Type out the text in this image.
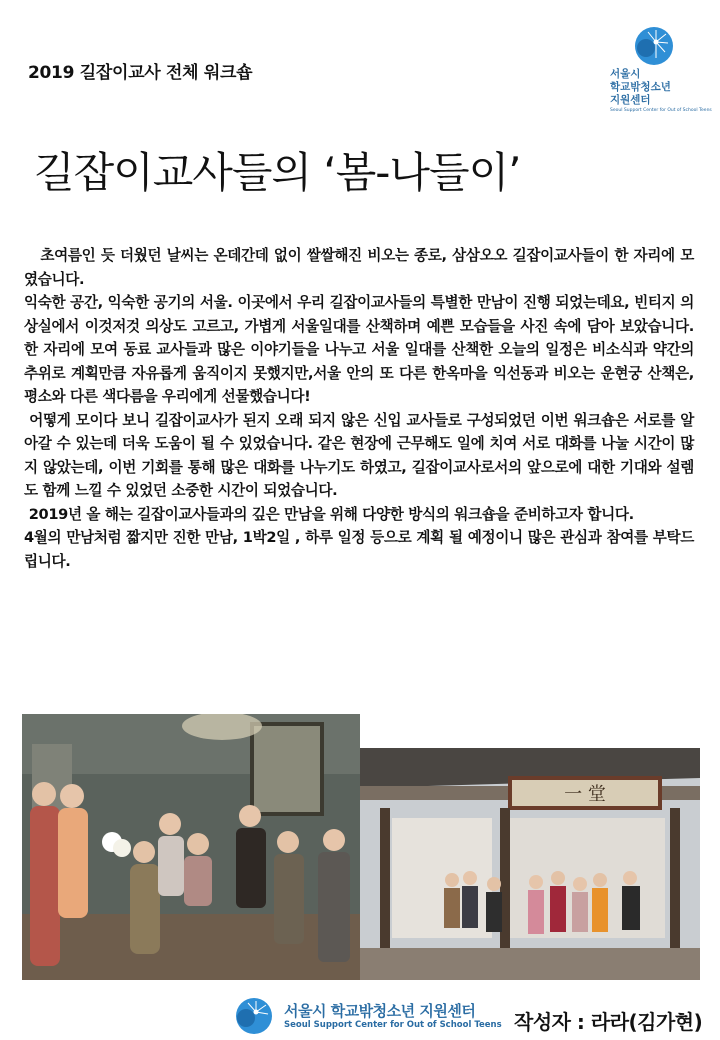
2019 길잡이교사 전체 워크숍	서울시
학교밖청소년
지원센터
Seoul Support Center for Out of School Teens
길잡이교사들의 ‘봄-나들이’

초여름인 듯 더웠던 날씨는 온데간데 없이 쌀쌀해진 비오는 종로, 삼삼오오 길잡이교사들이 한 자리에 모였습니다.

익숙한 공간, 익숙한 공기의 서울. 이곳에서 우리 길잡이교사들의 특별한 만남이 진행 되었는데요, 빈티지 의상실에서 이것저것 의상도 고르고, 가볍게 서울일대를 산책하며 예쁜 모습들을 사진 속에 담아 보았습니다. 한 자리에 모여 동료 교사들과 많은 이야기들을 나누고 서울 일대를 산책한 오늘의 일정은 비소식과 약간의 추위로 계획만큼 자유롭게 움직이지 못했지만,서울 안의 또 다른 한옥마을 익선동과 비오는 운현궁 산책은, 평소와 다른 색다름을 우리에게 선물했습니다!

어떻게 모이다 보니 길잡이교사가 된지 오래 되지 않은 신입 교사들로 구성되었던 이번 워크숍은 서로를 알아갈 수 있는데 더욱 도움이 될 수 있었습니다. 같은 현장에 근무해도 일에 치여 서로 대화를 나눌 시간이 많지 않았는데, 이번 기회를 통해 많은 대화를 나누기도 하였고, 길잡이교사로서의 앞으로에 대한 기대와 설렘도 함께 느낄 수 있었던 소중한 시간이 되었습니다.

2019년 올 해는 길잡이교사들과의 깊은 만남을 위해 다양한 방식의 워크숍을 준비하고자 합니다.

4월의 만남처럼 짧지만 진한 만남, 1박2일 , 하루 일정 등으로 계획 될 예정이니 많은 관심과 참여를 부탁드립니다.

一 堂
서울시 학교밖청소년 지원센터
Seoul Support Center for Out of School Teens 작성자 : 라라(김가현)
